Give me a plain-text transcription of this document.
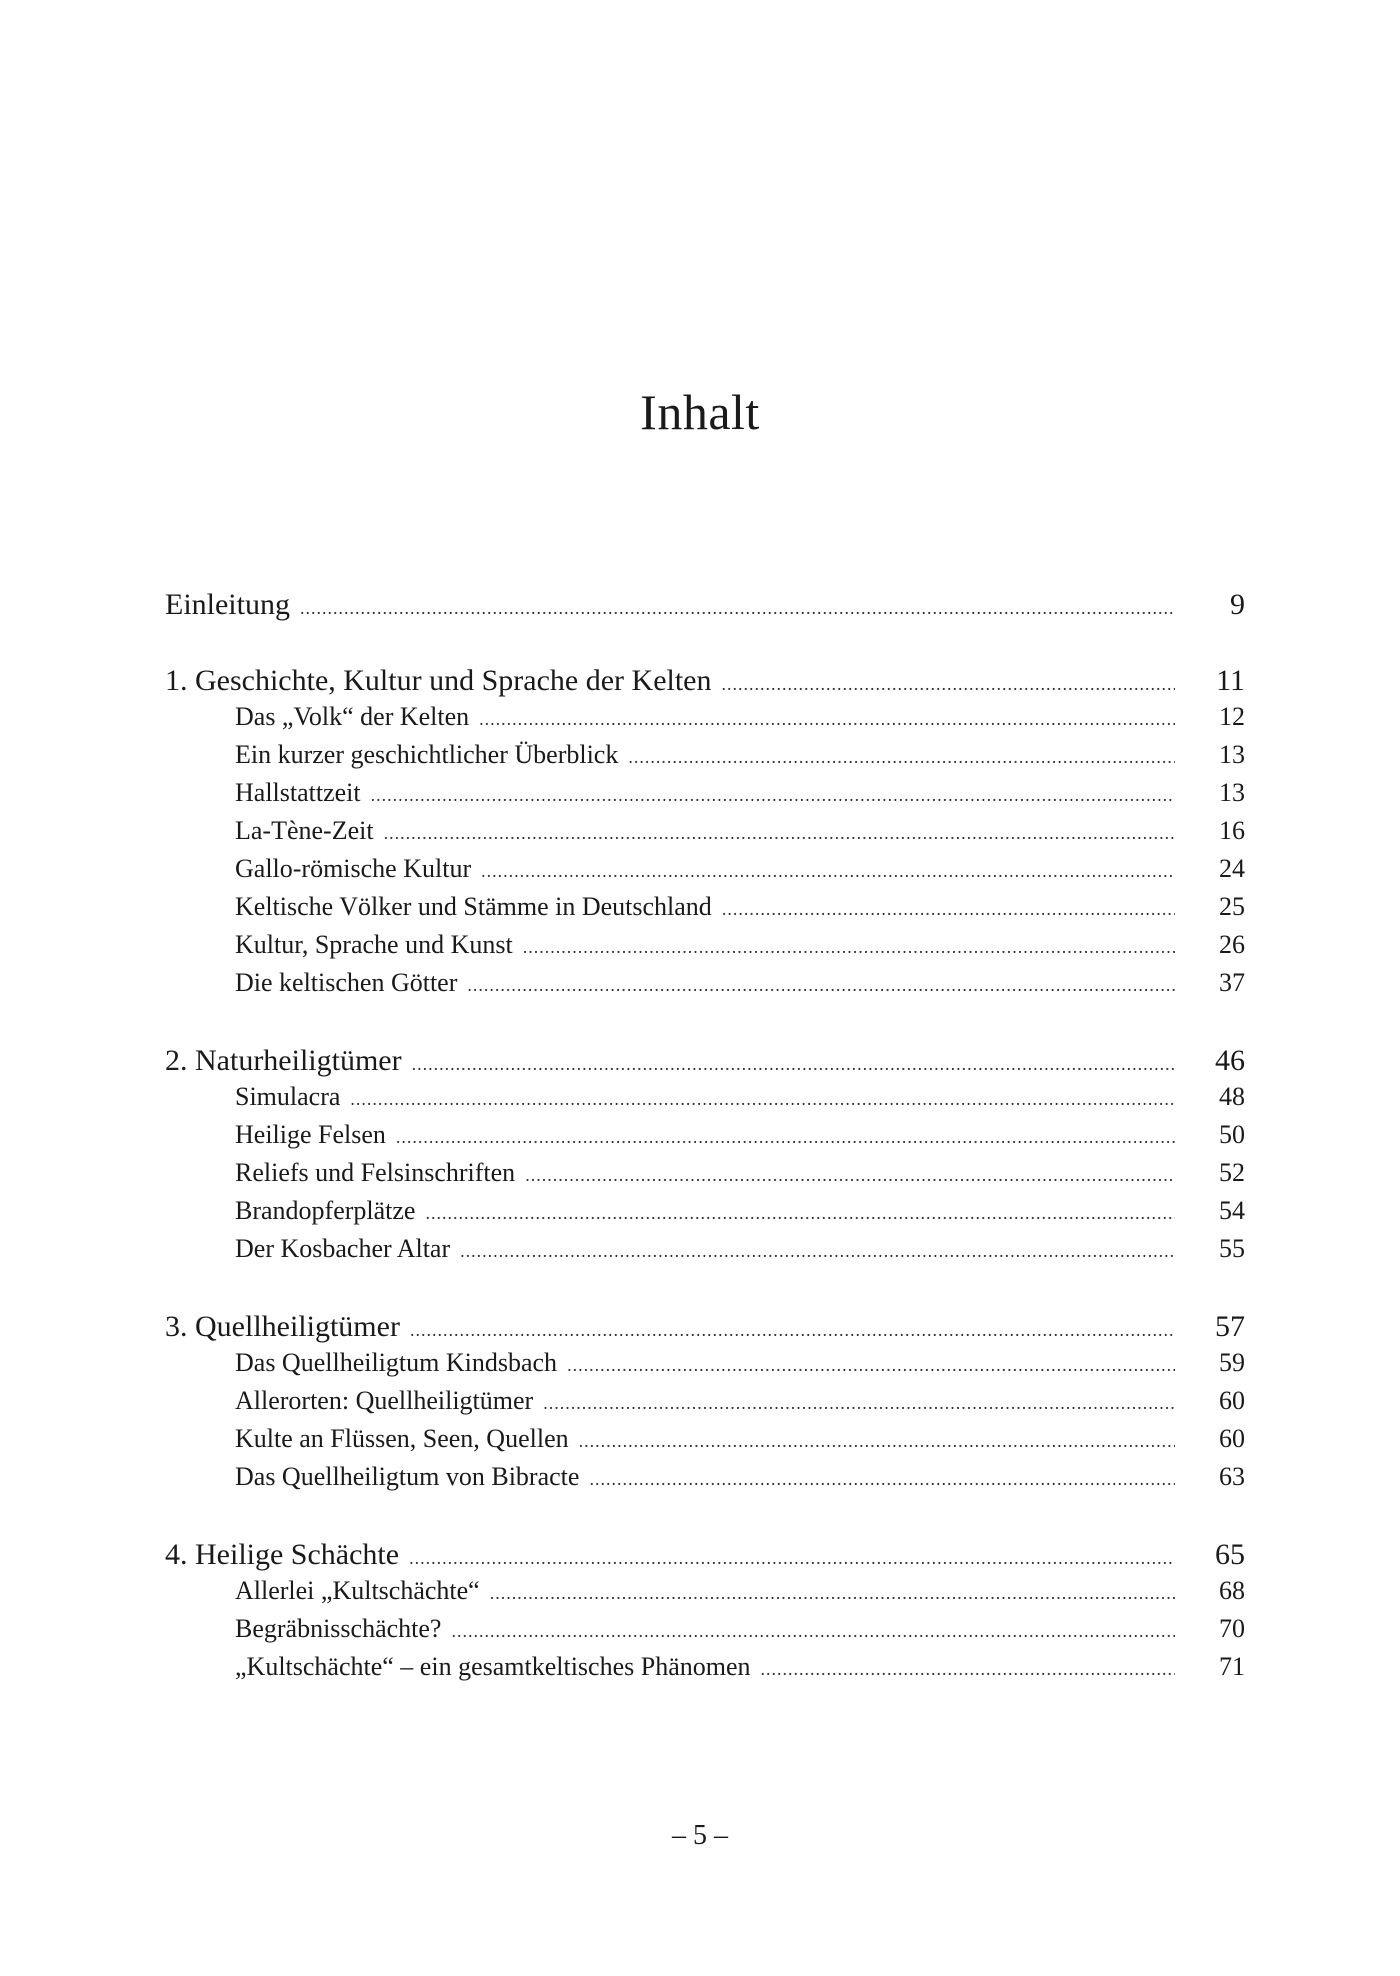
Inhalt
Einleitung .....	9
1. Geschichte, Kultur und Sprache der Kelten .....	11
Das „Volk“ der Kelten .....	12
Ein kurzer geschichtlicher Überblick .....	13
Hallstattzeit .....	13
La-Tène-Zeit .....	16
Gallo-römische Kultur .....	24
Keltische Völker und Stämme in Deutschland .....	25
Kultur, Sprache und Kunst .....	26
Die keltischen Götter .....	37
2. Naturheiligtümer .....	46
Simulacra .....	48
Heilige Felsen .....	50
Reliefs und Felsinschriften .....	52
Brandopferplätze .....	54
Der Kosbacher Altar .....	55
3. Quellheiligtümer .....	57
Das Quellheiligtum Kindsbach .....	59
Allerorten: Quellheiligtümer .....	60
Kulte an Flüssen, Seen, Quellen .....	60
Das Quellheiligtum von Bibracte .....	63
4. Heilige Schächte .....	65
Allerlei „Kultschächte“ .....	68
Begräbnisschächte? .....	70
„Kultschächte“ – ein gesamtkeltisches Phänomen .....	71
– 5 –
